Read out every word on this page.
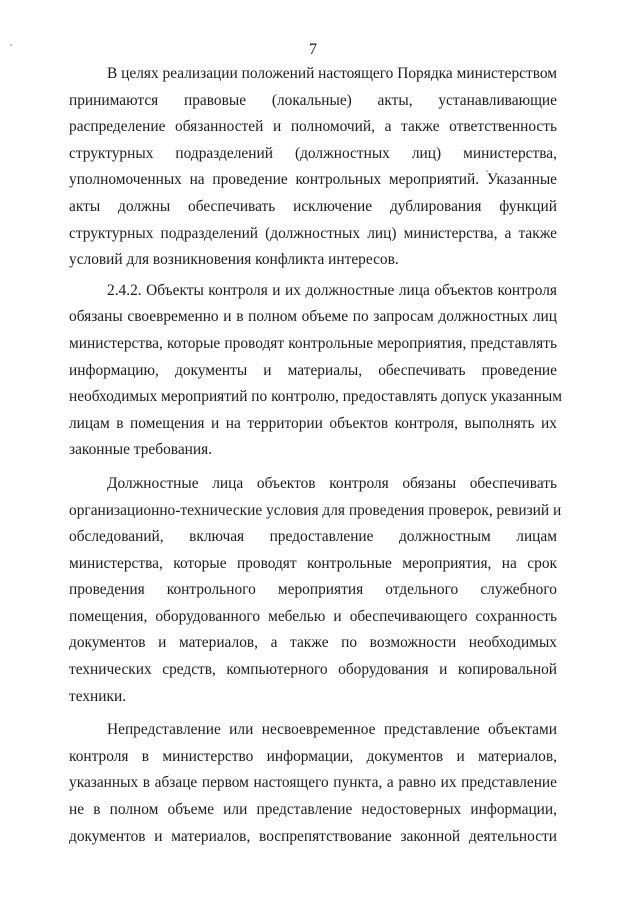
7
В целях реализации положений настоящего Порядка министерством
принимаются правовые (локальные) акты, устанавливающие
распределение обязанностей и полномочий, а также ответственность
структурных подразделений (должностных лиц) министерства,
уполномоченных на проведение контрольных мероприятий. Указанные
акты должны обеспечивать исключение дублирования функций
структурных подразделений (должностных лиц) министерства, а также
условий для возникновения конфликта интересов.
2.4.2. Объекты контроля и их должностные лица объектов контроля
обязаны своевременно и в полном объеме по запросам должностных лиц
министерства, которые проводят контрольные мероприятия, представлять
информацию, документы и материалы, обеспечивать проведение
необходимых мероприятий по контролю, предоставлять допуск указанным
лицам в помещения и на территории объектов контроля, выполнять их
законные требования.
Должностные лица объектов контроля обязаны обеспечивать
организационно-технические условия для проведения проверок, ревизий и
обследований, включая предоставление должностным лицам
министерства, которые проводят контрольные мероприятия, на срок
проведения контрольного мероприятия отдельного служебного
помещения, оборудованного мебелью и обеспечивающего сохранность
документов и материалов, а также по возможности необходимых
технических средств, компьютерного оборудования и копировальной
техники.
Непредставление или несвоевременное представление объектами
контроля в министерство информации, документов и материалов,
указанных в абзаце первом настоящего пункта, а равно их представление
не в полном объеме или представление недостоверных информации,
документов и материалов, воспрепятствование законной деятельности
